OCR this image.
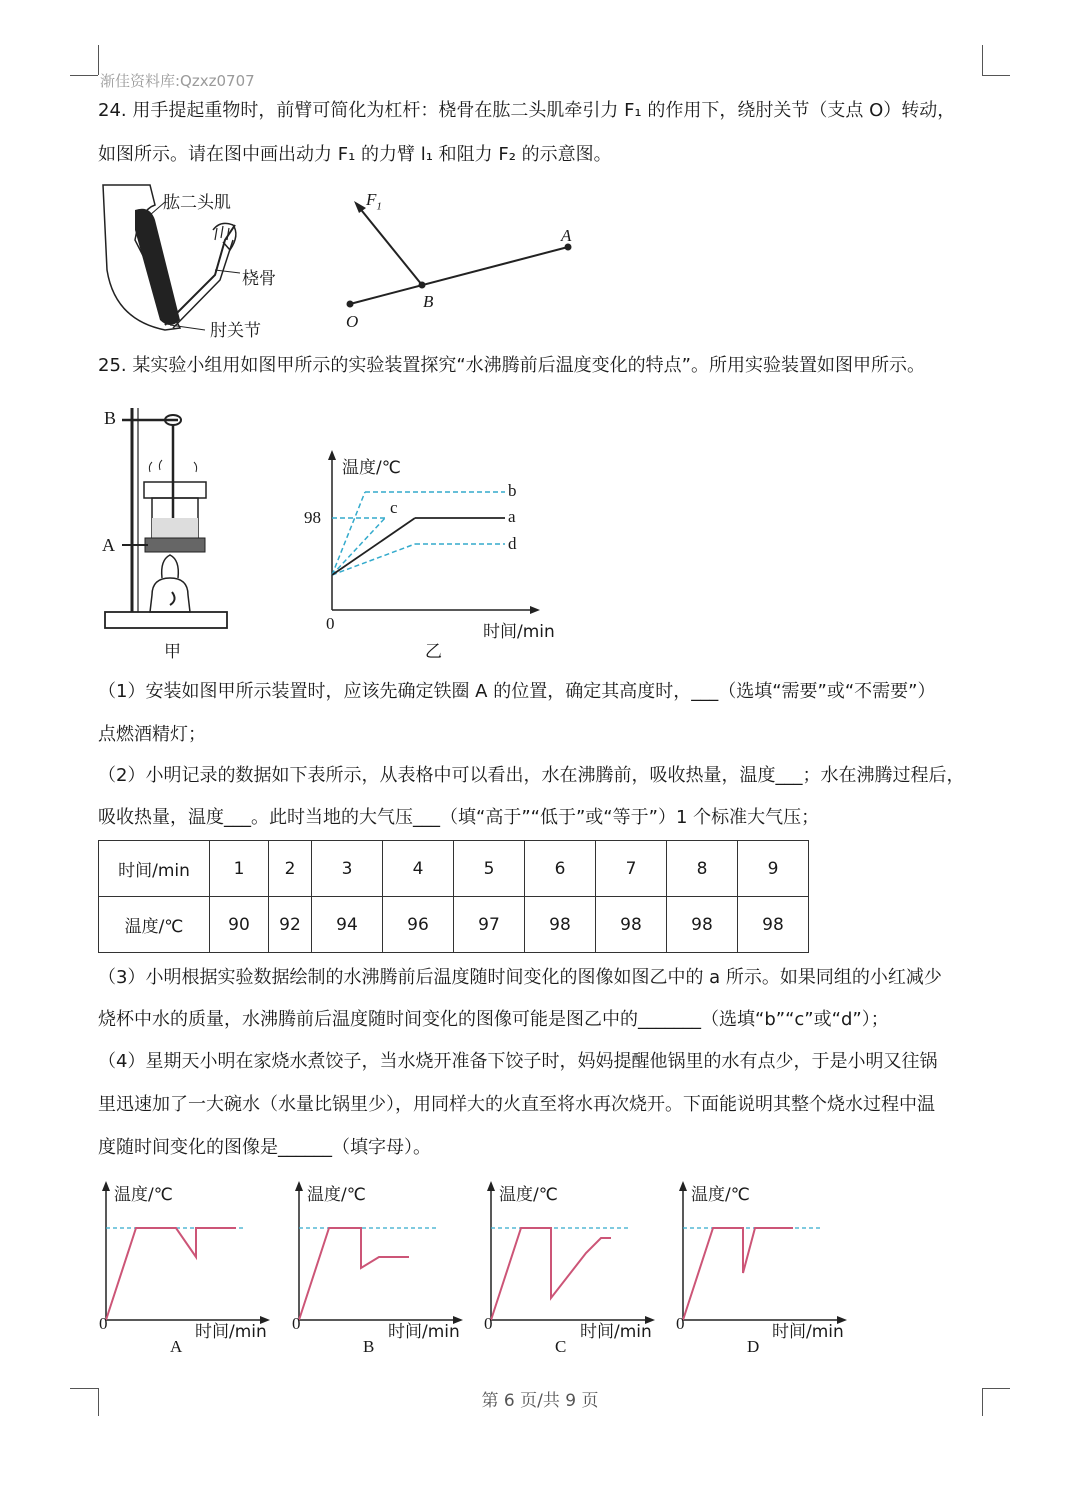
渐佳资料库:Qzxz0707
24. 用手提起重物时，前臂可简化为杠杆：桡骨在肱二头肌牵引力 F₁ 的作用下，绕肘关节（支点 O）转动，
如图所示。请在图中画出动力 F₁ 的力臂 l₁ 和阻力 F₂ 的示意图。
肱二头肌
桡骨
肘关节
$F_1$
A
B
O
25. 某实验小组用如图甲所示的实验装置探究“水沸腾前后温度变化的特点”。所用实验装置如图甲所示。
B
A
甲
温度/℃
98
b
a
c
d
0	时间/min
乙
（1）安装如图甲所示装置时，应该先确定铁圈 A 的位置，确定其高度时，___（选填“需要”或“不需要”）
点燃酒精灯；
（2）小明记录的数据如下表所示，从表格中可以看出，水在沸腾前，吸收热量，温度___；水在沸腾过程后，
吸收热量，温度___。此时当地的大气压___（填“高于”“低于”或“等于”）1 个标准大气压；
时间/min	1	2	3	4	5	6	7	8	9
温度/℃	90	92	94	96	97	98	98	98	98
（3）小明根据实验数据绘制的水沸腾前后温度随时间变化的图像如图乙中的 a 所示。如果同组的小红减少
烧杯中水的质量，水沸腾前后温度随时间变化的图像可能是图乙中的_______（选填“b”“c”或“d”）；
（4）星期天小明在家烧水煮饺子，当水烧开准备下饺子时，妈妈提醒他锅里的水有点少，于是小明又往锅
里迅速加了一大碗水（水量比锅里少），用同样大的火直至将水再次烧开。下面能说明其整个烧水过程中温
度随时间变化的图像是______（填字母）。
温度/℃
0	时间/min
A
温度/℃
0	时间/min
B
温度/℃
0	时间/min
C
温度/℃
0	时间/min
D
第 6 页/共 9 页
